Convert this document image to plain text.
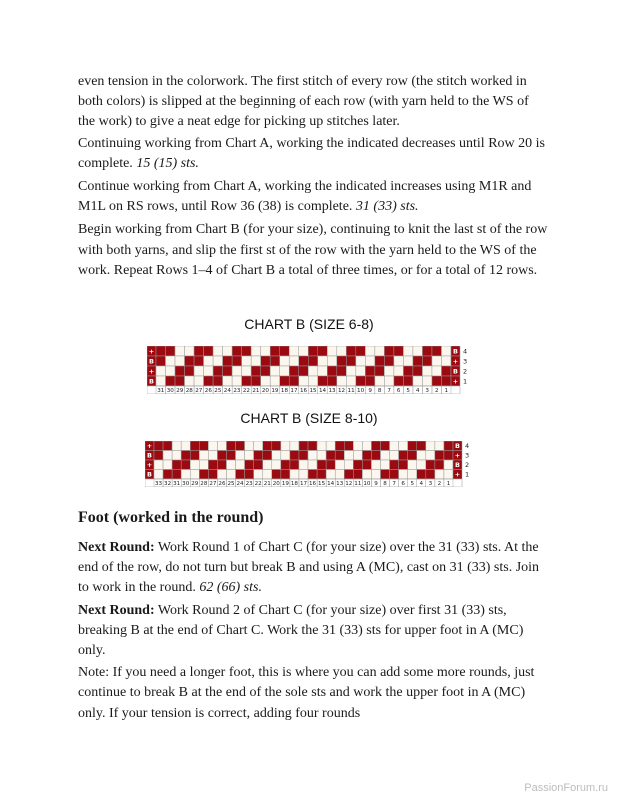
even tension in the colorwork. The first stitch of every row (the stitch worked in both colors) is slipped at the beginning of each row (with yarn held to the WS of the work) to give a neat edge for picking up stitches later.

Continuing working from Chart A, working the indicated decreases until Row 20 is complete. 15 (15) sts.

Continue working from Chart A, working the indicated increases using M1R and M1L on RS rows, until Row 36 (38) is complete. 31 (33) sts.

Begin working from Chart B (for your size), continuing to knit the last st of the row with both yarns, and slip the first st of the row with the yarn held to the WS of the work. Repeat Rows 1–4 of Chart B a total of three times, or for a total of 12 rows.

CHART B (SIZE 6-8)
+	B 4
B	+ 3
+	B 2
B	+ 1
31 30 29 28 27 26 25 24 23 22 21 20 19 18 17 16 15 14 13 12 11 10 9 8 7 6 5 4 3 2 1
CHART B (SIZE 8-10)
+	B 4
B	+ 3
+	B 2
B	+ 1
33 32 31 30 29 28 27 26 25 24 23 22 21 20 19 18 17 16 15 14 13 12 11 10 9 8 7 6 5 4 3 2 1
Foot (worked in the round)

Next Round: Work Round 1 of Chart C (for your size) over the 31 (33) sts. At the end of the row, do not turn but break B and using A (MC), cast on 31 (33) sts. Join to work in the round. 62 (66) sts.

Next Round: Work Round 2 of Chart C (for your size) over first 31 (33) sts, breaking B at the end of Chart C. Work the 31 (33) sts for upper foot in A (MC) only.

Note: If you need a longer foot, this is where you can add some more rounds, just continue to break B at the end of the sole sts and work the upper foot in A (MC) only. If your tension is correct, adding four rounds

PassionForum.ru
